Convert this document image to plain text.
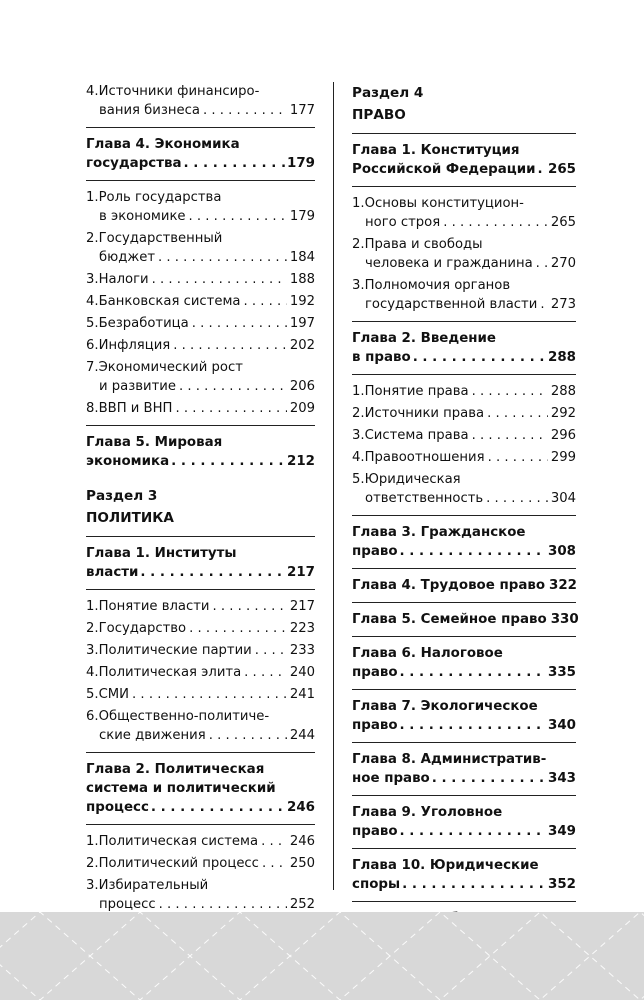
4. Источники финансиро-
вания бизнеса . . .	177
Глава 4. Экономика
государства . . .	179
1. Роль государства
в экономике . . .	179
2. Государственный
бюджет . . .	184
3. Налоги . . .	188
4. Банковская система . . .	192
5. Безработица . . .	197
6. Инфляция . . .	202
7. Экономический рост
и развитие . . .	206
8. ВВП и ВНП . . .	209
Глава 5. Мировая
экономика . . .	212
Раздел 3
ПОЛИТИКА
Глава 1. Институты
власти . . .	217
1. Понятие власти . . .	217
2. Государство . . .	223
3. Политические партии . . .	233
4. Политическая элита . . .	240
5. СМИ . . .	241
6. Общественно-политиче-
ские движения . . .	244
Глава 2. Политическая
система и политический
процесс . . .	246
1. Политическая система . . . 246
2. Политический процесс . . . 250
3. Избирательный
процесс . . .	252
. . .
Раздел 4
ПРАВО
Глава 1. Конституция
Российской Федерации . . . 265
1. Основы конституцион-
ного строя . . .	265
2. Права и свободы
человека и гражданина . . . 270
3. Полномочия органов
государственной власти . . . 273
Глава 2. Введение
в право . . .	288
1. Понятие права . . .	288
2. Источники права . . .	292
3. Система права . . .	296
4. Правоотношения . . .	299
5. Юридическая
ответственность . . .	304
Глава 3. Гражданское
право . . .	308
Глава 4. Трудовое право 322
Глава 5. Семейное право 330
Глава 6. Налоговое
право . . .	335
Глава 7. Экологическое
право . . .	340
Глава 8. Административ-
ное право . . .	343
Глава 9. Уголовное
право . . .	349
Глава 10. Юридические
споры . . .	352
. . .
. . .
